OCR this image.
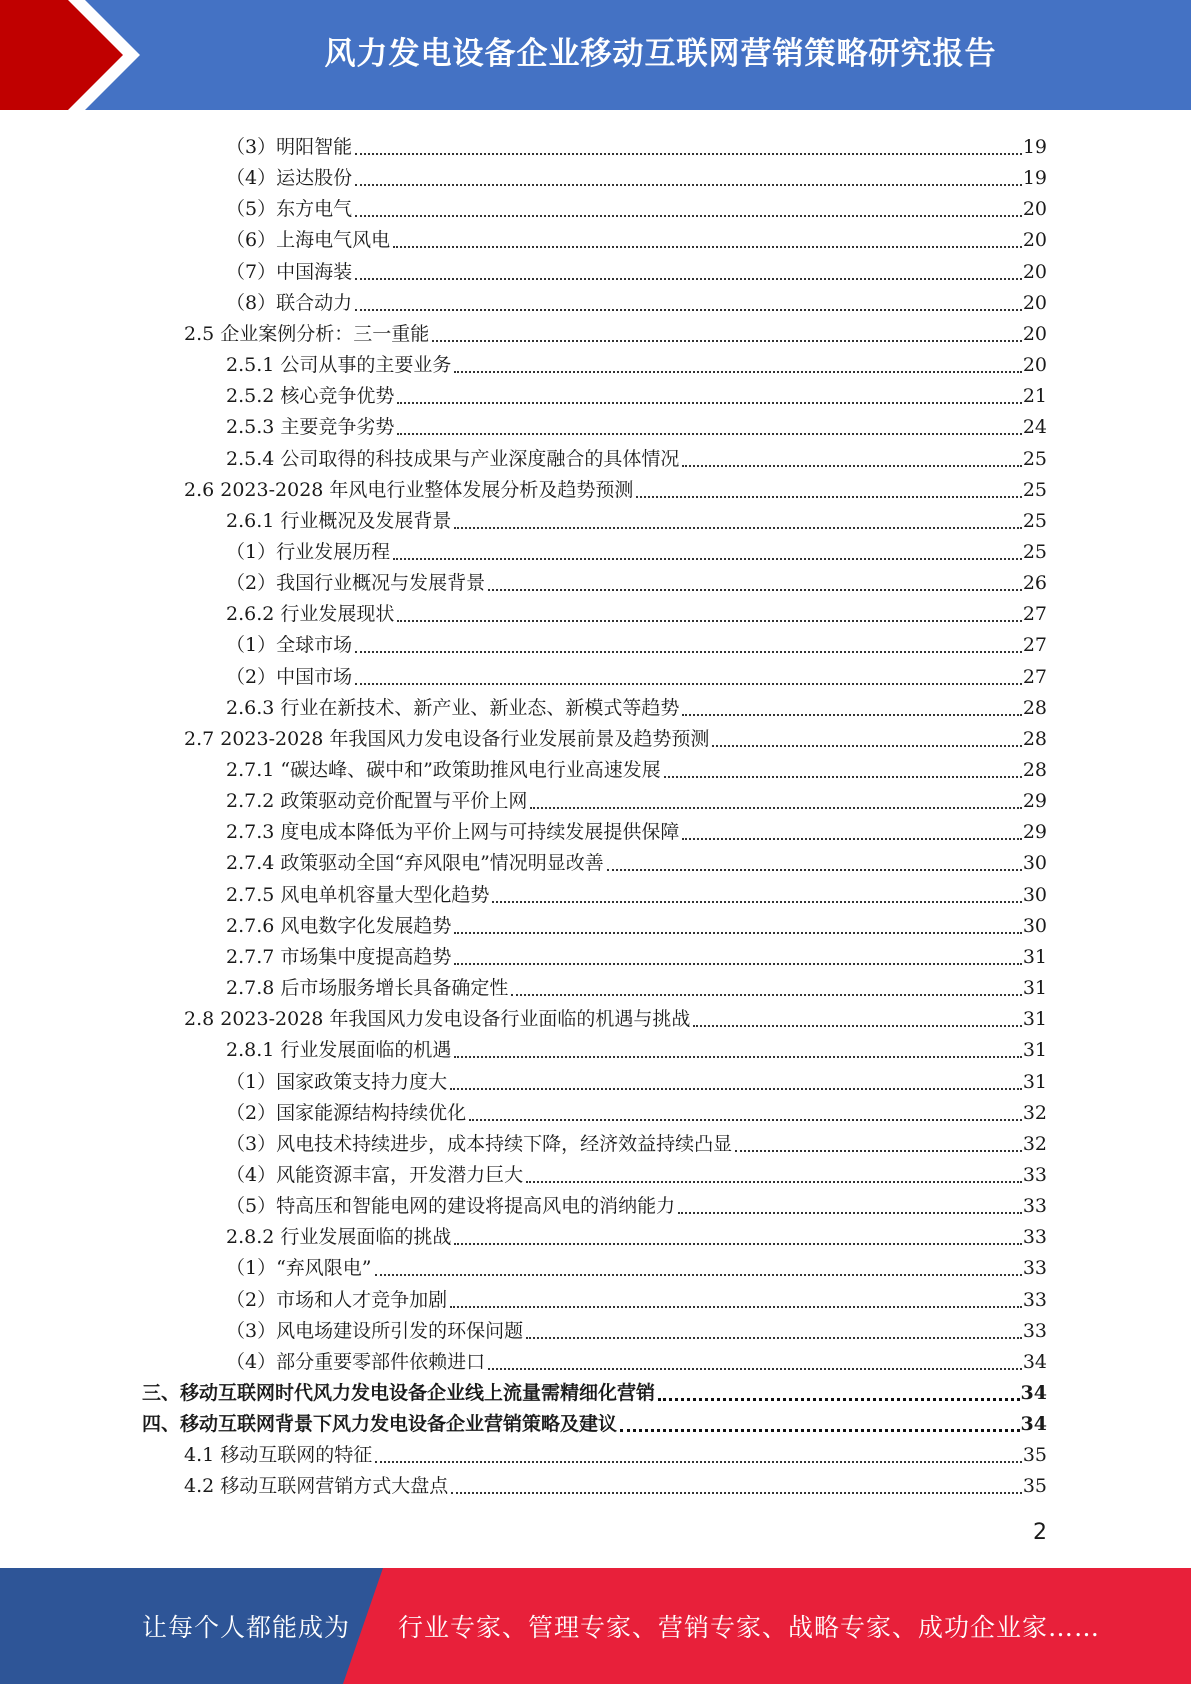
风力发电设备企业移动互联网营销策略研究报告
（3）明阳智能	19
（4）运达股份	19
（5）东方电气	20
（6）上海电气风电	20
（7）中国海装	20
（8）联合动力	20
2.5 企业案例分析：三一重能	20
2.5.1 公司从事的主要业务	20
2.5.2 核心竞争优势	21
2.5.3 主要竞争劣势	24
2.5.4 公司取得的科技成果与产业深度融合的具体情况	25
2.6 2023-2028 年风电行业整体发展分析及趋势预测	25
2.6.1 行业概况及发展背景	25
（1）行业发展历程	25
（2）我国行业概况与发展背景	26
2.6.2 行业发展现状	27
（1）全球市场	27
（2）中国市场	27
2.6.3 行业在新技术、新产业、新业态、新模式等趋势	28
2.7 2023-2028 年我国风力发电设备行业发展前景及趋势预测	28
2.7.1 “碳达峰、碳中和”政策助推风电行业高速发展	28
2.7.2 政策驱动竞价配置与平价上网	29
2.7.3 度电成本降低为平价上网与可持续发展提供保障	29
2.7.4 政策驱动全国“弃风限电”情况明显改善	30
2.7.5 风电单机容量大型化趋势	30
2.7.6 风电数字化发展趋势	30
2.7.7 市场集中度提高趋势	31
2.7.8 后市场服务增长具备确定性	31
2.8 2023-2028 年我国风力发电设备行业面临的机遇与挑战	31
2.8.1 行业发展面临的机遇	31
（1）国家政策支持力度大	31
（2）国家能源结构持续优化	32
（3）风电技术持续进步，成本持续下降，经济效益持续凸显	32
（4）风能资源丰富，开发潜力巨大	33
（5）特高压和智能电网的建设将提高风电的消纳能力	33
2.8.2 行业发展面临的挑战	33
（1）“弃风限电”	33
（2）市场和人才竞争加剧	33
（3）风电场建设所引发的环保问题	33
（4）部分重要零部件依赖进口	34
三、移动互联网时代风力发电设备企业线上流量需精细化营销	34
四、移动互联网背景下风力发电设备企业营销策略及建议	34
4.1 移动互联网的特征	35
4.2 移动互联网营销方式大盘点	35
2
让每个人都能成为 行业专家、管理专家、营销专家、战略专家、成功企业家……
